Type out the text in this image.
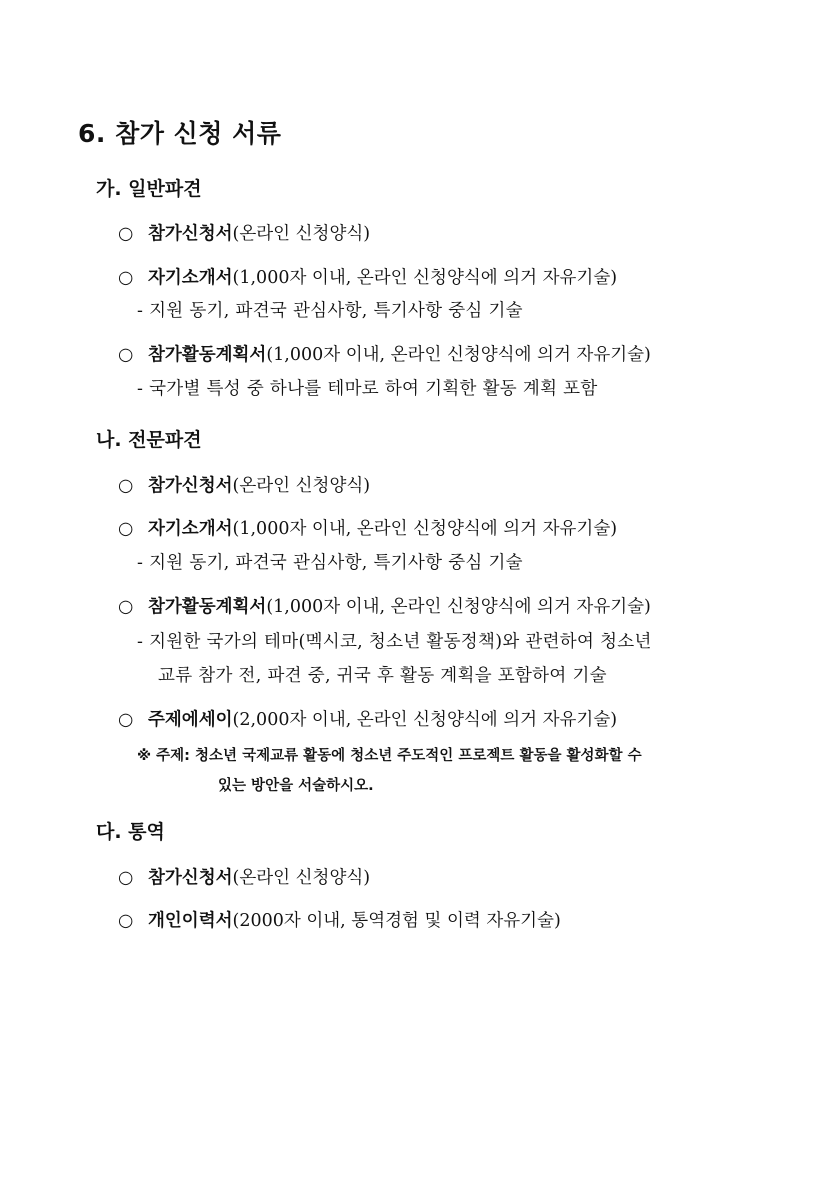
6. 참가 신청 서류
가. 일반파견
○ 참가신청서(온라인 신청양식)
○ 자기소개서(1,000자 이내, 온라인 신청양식에 의거 자유기술)
- 지원 동기, 파견국 관심사항, 특기사항 중심 기술
○ 참가활동계획서(1,000자 이내, 온라인 신청양식에 의거 자유기술)
- 국가별 특성 중 하나를 테마로 하여 기획한 활동 계획 포함
나. 전문파견
○ 참가신청서(온라인 신청양식)
○ 자기소개서(1,000자 이내, 온라인 신청양식에 의거 자유기술)
- 지원 동기, 파견국 관심사항, 특기사항 중심 기술
○ 참가활동계획서(1,000자 이내, 온라인 신청양식에 의거 자유기술)
- 지원한 국가의 테마(멕시코, 청소년 활동정책)와 관련하여 청소년
교류 참가 전, 파견 중, 귀국 후 활동 계획을 포함하여 기술
○ 주제에세이(2,000자 이내, 온라인 신청양식에 의거 자유기술)
※ 주제: 청소년 국제교류 활동에 청소년 주도적인 프로젝트 활동을 활성화할 수
있는 방안을 서술하시오.
다. 통역
○ 참가신청서(온라인 신청양식)
○ 개인이력서(2000자 이내, 통역경험 및 이력 자유기술)
